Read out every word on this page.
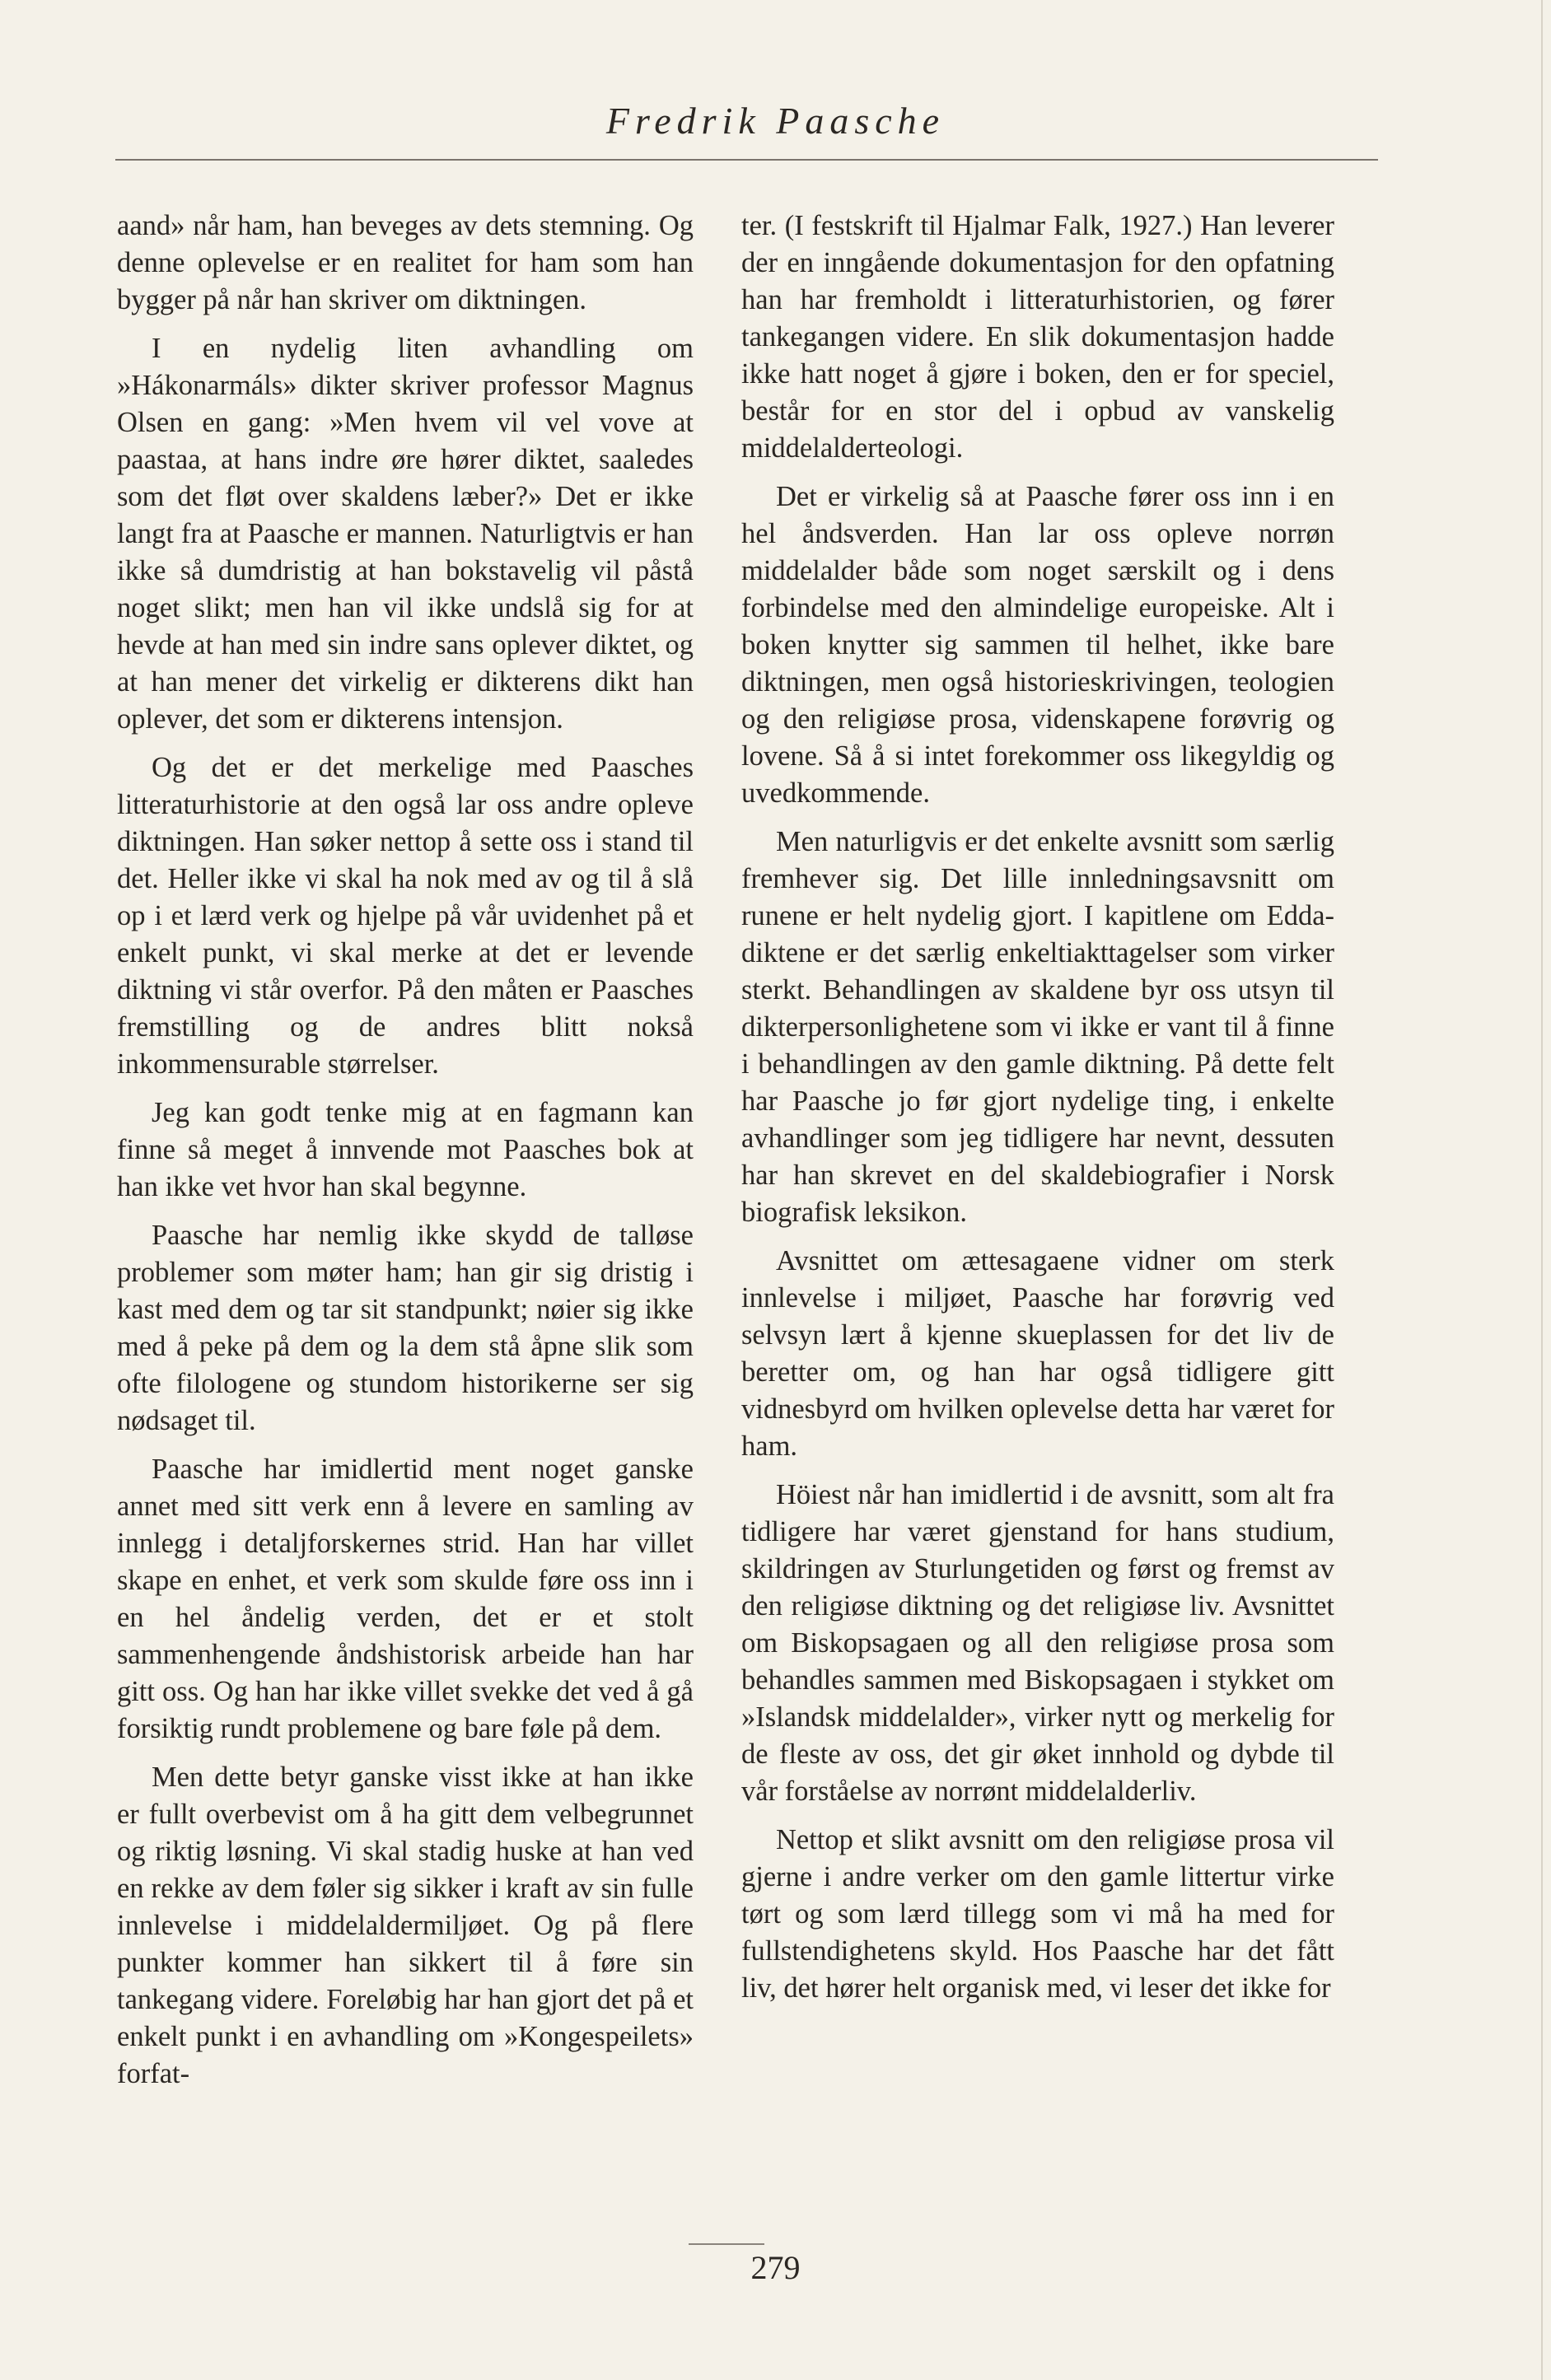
Fredrik Paasche

aand» når ham, han beveges av dets stemning. Og denne oplevelse er en realitet for ham som han bygger på når han skriver om diktningen.

I en nydelig liten avhandling om »Hákonarmáls» dikter skriver professor Magnus Olsen en gang: »Men hvem vil vel vove at paastaa, at hans indre øre hører diktet, saaledes som det fløt over skaldens læber?» Det er ikke langt fra at Paasche er mannen. Naturligtvis er han ikke så dumdristig at han bokstavelig vil påstå noget slikt; men han vil ikke undslå sig for at hevde at han med sin indre sans oplever diktet, og at han mener det virkelig er dikterens dikt han oplever, det som er dikterens intensjon.

Og det er det merkelige med Paasches litteraturhistorie at den også lar oss andre opleve diktningen. Han søker nettop å sette oss i stand til det. Heller ikke vi skal ha nok med av og til å slå op i et lærd verk og hjelpe på vår uvidenhet på et enkelt punkt, vi skal merke at det er levende diktning vi står overfor. På den måten er Paasches fremstilling og de andres blitt nokså inkommensurable størrelser.

Jeg kan godt tenke mig at en fagmann kan finne så meget å innvende mot Paasches bok at han ikke vet hvor han skal begynne.

Paasche har nemlig ikke skydd de talløse problemer som møter ham; han gir sig dristig i kast med dem og tar sit standpunkt; nøier sig ikke med å peke på dem og la dem stå åpne slik som ofte filologene og stundom historikerne ser sig nødsaget til.

Paasche har imidlertid ment noget ganske annet med sitt verk enn å levere en samling av innlegg i detaljforskernes strid. Han har villet skape en enhet, et verk som skulde føre oss inn i en hel åndelig verden, det er et stolt sammenhengende åndshistorisk arbeide han har gitt oss. Og han har ikke villet svekke det ved å gå forsiktig rundt problemene og bare føle på dem.

Men dette betyr ganske visst ikke at han ikke er fullt overbevist om å ha gitt dem velbegrunnet og riktig løsning. Vi skal stadig huske at han ved en rekke av dem føler sig sikker i kraft av sin fulle innlevelse i middelaldermiljøet. Og på flere punkter kommer han sikkert til å føre sin tankegang videre. Foreløbig har han gjort det på et enkelt punkt i en avhandling om »Kongespeilets» forfat-

ter. (I festskrift til Hjalmar Falk, 1927.) Han leverer der en inngående dokumentasjon for den opfatning han har fremholdt i litteraturhistorien, og fører tankegangen videre. En slik dokumentasjon hadde ikke hatt noget å gjøre i boken, den er for speciel, består for en stor del i opbud av vanskelig middelalderteologi.

Det er virkelig så at Paasche fører oss inn i en hel åndsverden. Han lar oss opleve norrøn middelalder både som noget særskilt og i dens forbindelse med den almindelige europeiske. Alt i boken knytter sig sammen til helhet, ikke bare diktningen, men også historieskrivingen, teologien og den religiøse prosa, videnskapene forøvrig og lovene. Så å si intet forekommer oss likegyldig og uvedkommende.

Men naturligvis er det enkelte avsnitt som særlig fremhever sig. Det lille innledningsavsnitt om runene er helt nydelig gjort. I kapitlene om Edda-diktene er det særlig enkeltiakttagelser som virker sterkt. Behandlingen av skaldene byr oss utsyn til dikterpersonlighetene som vi ikke er vant til å finne i behandlingen av den gamle diktning. På dette felt har Paasche jo før gjort nydelige ting, i enkelte avhandlinger som jeg tidligere har nevnt, dessuten har han skrevet en del skaldebiografier i Norsk biografisk leksikon.

Avsnittet om ættesagaene vidner om sterk innlevelse i miljøet, Paasche har forøvrig ved selvsyn lært å kjenne skueplassen for det liv de beretter om, og han har også tidligere gitt vidnesbyrd om hvilken oplevelse detta har været for ham.

Höiest når han imidlertid i de avsnitt, som alt fra tidligere har været gjenstand for hans studium, skildringen av Sturlungetiden og først og fremst av den religiøse diktning og det religiøse liv. Avsnittet om Biskopsagaen og all den religiøse prosa som behandles sammen med Biskopsagaen i stykket om »Islandsk middelalder», virker nytt og merkelig for de fleste av oss, det gir øket innhold og dybde til vår forståelse av norrønt middelalderliv.

Nettop et slikt avsnitt om den religiøse prosa vil gjerne i andre verker om den gamle littertur virke tørt og som lærd tillegg som vi må ha med for fullstendighetens skyld. Hos Paasche har det fått liv, det hører helt organisk med, vi leser det ikke for

279
